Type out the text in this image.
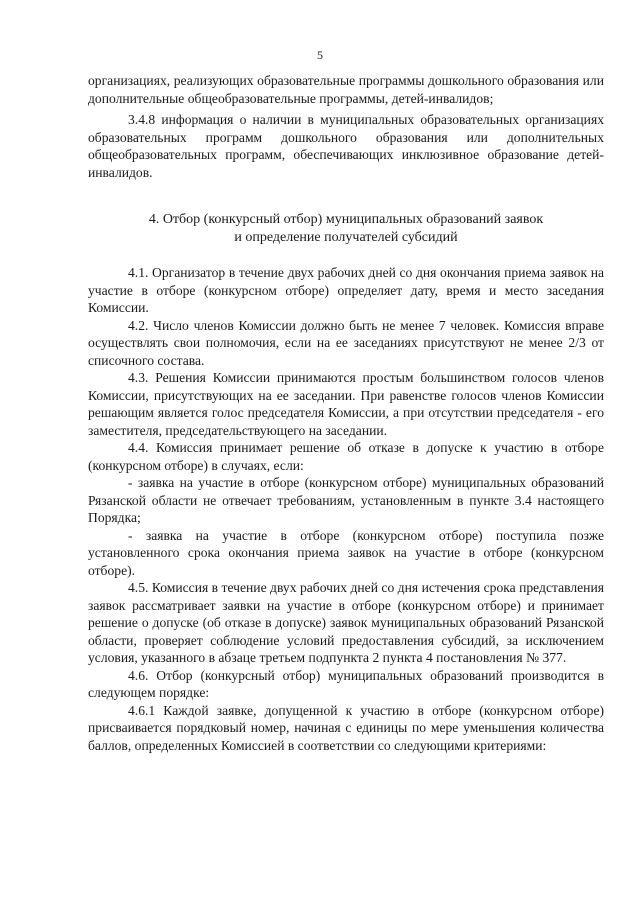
5

организациях, реализующих образовательные программы дошкольного образования или дополнительные общеобразовательные программы, детей-инвалидов;

3.4.8 информация о наличии в муниципальных образовательных организациях образовательных программ дошкольного образования или дополнительных общеобразовательных программ, обеспечивающих инклюзивное образование детей-инвалидов.

4. Отбор (конкурсный отбор) муниципальных образований заявок
и определение получателей субсидий

4.1. Организатор в течение двух рабочих дней со дня окончания приема заявок на участие в отборе (конкурсном отборе) определяет дату, время и место заседания Комиссии.

4.2. Число членов Комиссии должно быть не менее 7 человек. Комиссия вправе осуществлять свои полномочия, если на ее заседаниях присутствуют не менее 2/3 от списочного состава.

4.3. Решения Комиссии принимаются простым большинством голосов членов Комиссии, присутствующих на ее заседании. При равенстве голосов членов Комиссии решающим является голос председателя Комиссии, а при отсутствии председателя - его заместителя, председательствующего на заседании.

4.4. Комиссия принимает решение об отказе в допуске к участию в отборе (конкурсном отборе) в случаях, если:

- заявка на участие в отборе (конкурсном отборе) муниципальных образований Рязанской области не отвечает требованиям, установленным в пункте 3.4 настоящего Порядка;

- заявка на участие в отборе (конкурсном отборе) поступила позже установленного срока окончания приема заявок на участие в отборе (конкурсном отборе).

4.5. Комиссия в течение двух рабочих дней со дня истечения срока представления заявок рассматривает заявки на участие в отборе (конкурсном отборе) и принимает решение о допуске (об отказе в допуске) заявок муниципальных образований Рязанской области, проверяет соблюдение условий предоставления субсидий, за исключением условия, указанного в абзаце третьем подпункта 2 пункта 4 постановления № 377.

4.6. Отбор (конкурсный отбор) муниципальных образований производится в следующем порядке:

4.6.1 Каждой заявке, допущенной к участию в отборе (конкурсном отборе) присваивается порядковый номер, начиная с единицы по мере уменьшения количества баллов, определенных Комиссией в соответствии со следующими критериями:
